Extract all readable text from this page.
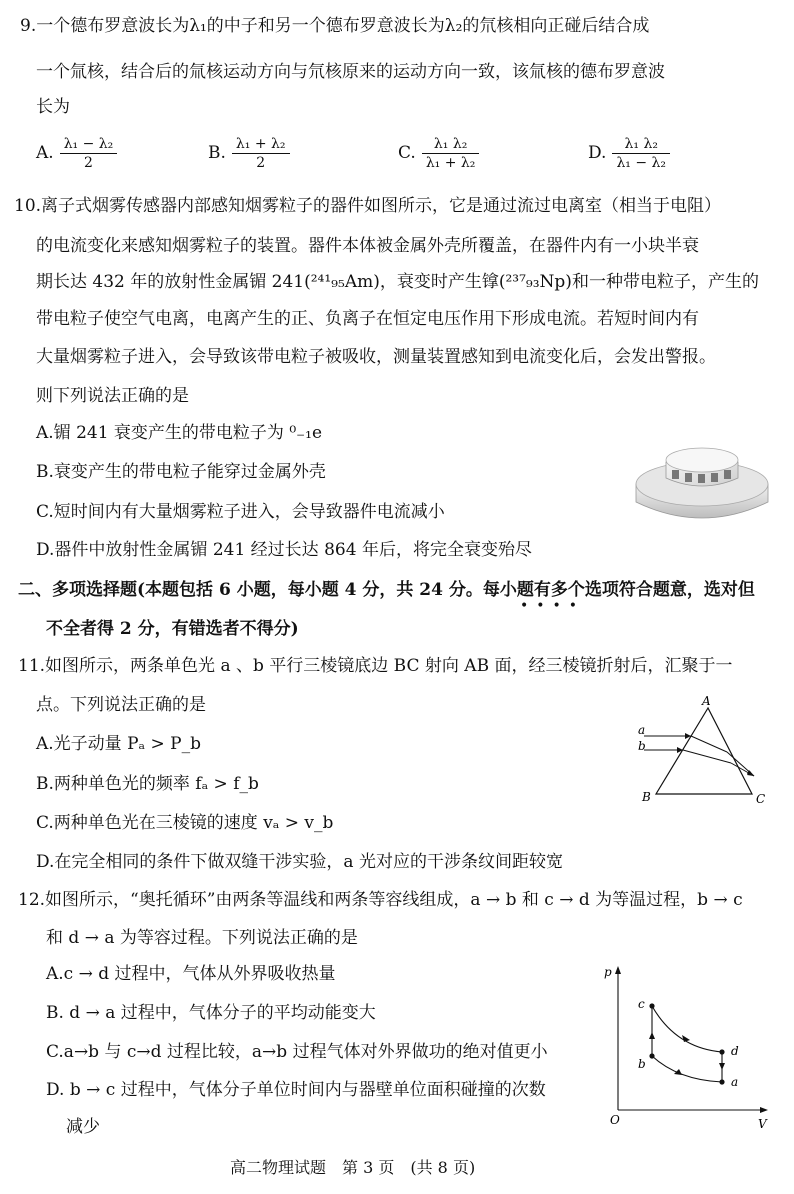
9.一个德布罗意波长为λ₁的中子和另一个德布罗意波长为λ₂的氘核相向正碰后结合成
一个氚核，结合后的氚核运动方向与氘核原来的运动方向一致，该氚核的德布罗意波
长为
A. $\frac{\text{λ₁ − λ₂}}{2}$	B. $\frac{\text{λ₁ + λ₂}}{2}$	C. $\frac{\text{λ₁ λ₂}}{\text{λ₁ + λ₂}}$	D. $\frac{\text{λ₁ λ₂}}{\text{λ₁ − λ₂}}$
10.离子式烟雾传感器内部感知烟雾粒子的器件如图所示，它是通过流过电离室（相当于电阻）
的电流变化来感知烟雾粒子的装置。器件本体被金属外壳所覆盖，在器件内有一小块半衰
期长达 432 年的放射性金属镅 241(²⁴¹₉₅Am)，衰变时产生镎(²³⁷₉₃Np)和一种带电粒子，产生的
带电粒子使空气电离，电离产生的正、负离子在恒定电压作用下形成电流。若短时间内有
大量烟雾粒子进入，会导致该带电粒子被吸收，测量装置感知到电流变化后，会发出警报。
则下列说法正确的是
A.镅 241 衰变产生的带电粒子为 ⁰₋₁e
B.衰变产生的带电粒子能穿过金属外壳
C.短时间内有大量烟雾粒子进入，会导致器件电流减小
D.器件中放射性金属镅 241 经过长达 864 年后，将完全衰变殆尽
二、多项选择题(本题包括 6 小题，每小题 4 分，共 24 分。每小题有多个选项符合题意，选对但
••••
不全者得 2 分，有错选者不得分)
11.如图所示，两条单色光 a 、b 平行三棱镜底边 BC 射向 AB 面，经三棱镜折射后，汇聚于一
点。下列说法正确的是
A.光子动量 Pₐ > P_b
B.两种单色光的频率 fₐ > f_b
C.两种单色光在三棱镜的速度 vₐ > v_b
D.在完全相同的条件下做双缝干涉实验，a 光对应的干涉条纹间距较宽
A
B	C
a
b
12.如图所示，“奥托循环”由两条等温线和两条等容线组成，a → b 和 c → d 为等温过程，b → c
和 d → a 为等容过程。下列说法正确的是
A.c → d 过程中，气体从外界吸收热量
B. d → a 过程中，气体分子的平均动能变大
C.a→b 与 c→d 过程比较，a→b 过程气体对外界做功的绝对值更小
D. b → c 过程中，气体分子单位时间内与器壁单位面积碰撞的次数
减少
p
V
O
c
d
a
b
高二物理试题　第 3 页　(共 8 页)
